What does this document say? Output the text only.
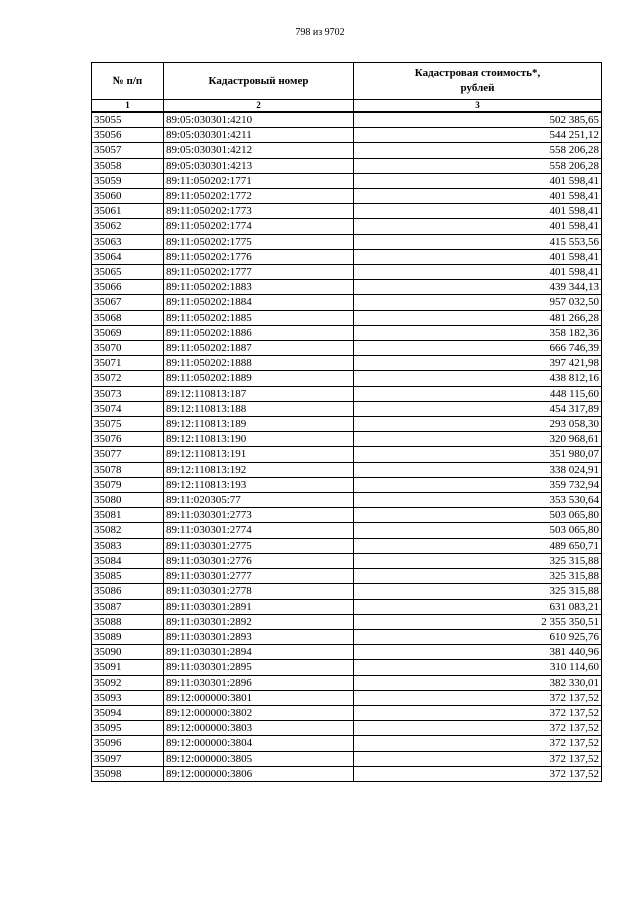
798 из 9702
№ п/п	Кадастровый номер	Кадастровая стоимость*,
рублей
1	2	3
35055	89:05:030301:4210	502 385,65
35056	89:05:030301:4211	544 251,12
35057	89:05:030301:4212	558 206,28
35058	89:05:030301:4213	558 206,28
35059	89:11:050202:1771	401 598,41
35060	89:11:050202:1772	401 598,41
35061	89:11:050202:1773	401 598,41
35062	89:11:050202:1774	401 598,41
35063	89:11:050202:1775	415 553,56
35064	89:11:050202:1776	401 598,41
35065	89:11:050202:1777	401 598,41
35066	89:11:050202:1883	439 344,13
35067	89:11:050202:1884	957 032,50
35068	89:11:050202:1885	481 266,28
35069	89:11:050202:1886	358 182,36
35070	89:11:050202:1887	666 746,39
35071	89:11:050202:1888	397 421,98
35072	89:11:050202:1889	438 812,16
35073	89:12:110813:187	448 115,60
35074	89:12:110813:188	454 317,89
35075	89:12:110813:189	293 058,30
35076	89:12:110813:190	320 968,61
35077	89:12:110813:191	351 980,07
35078	89:12:110813:192	338 024,91
35079	89:12:110813:193	359 732,94
35080	89:11:020305:77	353 530,64
35081	89:11:030301:2773	503 065,80
35082	89:11:030301:2774	503 065,80
35083	89:11:030301:2775	489 650,71
35084	89:11:030301:2776	325 315,88
35085	89:11:030301:2777	325 315,88
35086	89:11:030301:2778	325 315,88
35087	89:11:030301:2891	631 083,21
35088	89:11:030301:2892	2 355 350,51
35089	89:11:030301:2893	610 925,76
35090	89:11:030301:2894	381 440,96
35091	89:11:030301:2895	310 114,60
35092	89:11:030301:2896	382 330,01
35093	89:12:000000:3801	372 137,52
35094	89:12:000000:3802	372 137,52
35095	89:12:000000:3803	372 137,52
35096	89:12:000000:3804	372 137,52
35097	89:12:000000:3805	372 137,52
35098	89:12:000000:3806	372 137,52
